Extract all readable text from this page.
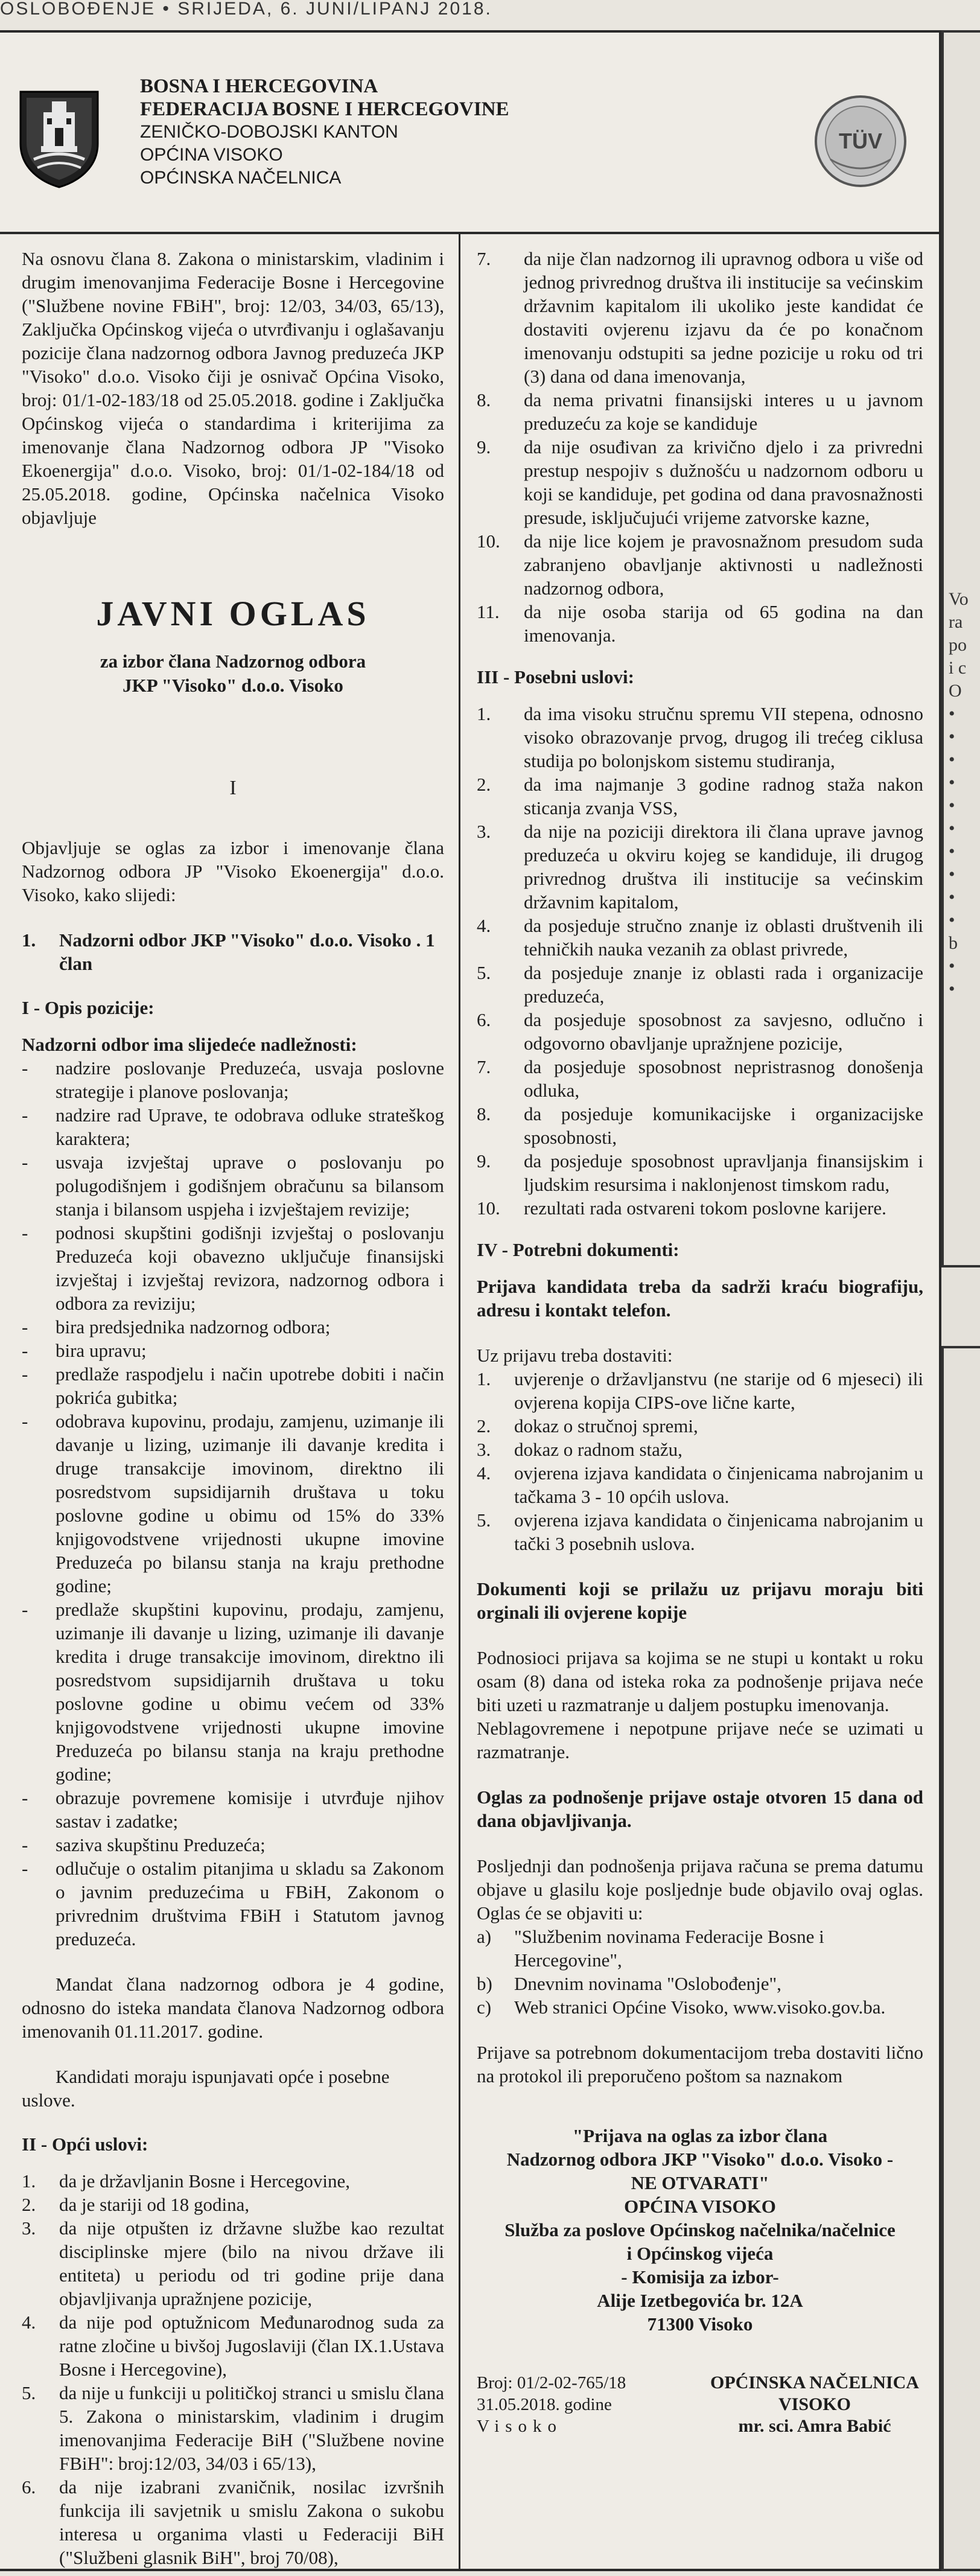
OSLOBOĐENJE • SRIJEDA, 6. JUNI/LIPANJ 2018.
BOSNA I HERCEGOVINA
FEDERACIJA BOSNE I HERCEGOVINE
ZENIČKO-DOBOJSKI KANTON
OPĆINA VISOKO
OPĆINSKA NAČELNICA
TÜV

Na osnovu člana 8. Zakona o ministarskim, vladinim i drugim imenovanjima Federacije Bosne i Hercegovine ("Službene novine FBiH", broj: 12/03, 34/03, 65/13), Zaključka Općinskog vijeća o utvrđivanju i oglašavanju pozicije člana nadzornog odbora Javnog preduzeća JKP "Visoko" d.o.o. Visoko čiji je osnivač Općina Visoko, broj: 01/1-02-183/18 od 25.05.2018. godine i Zaključka Općinskog vijeća o standardima i kriterijima za imenovanje člana Nadzornog odbora JP "Visoko Ekoenergija" d.o.o. Visoko, broj: 01/1-02-184/18 od 25.05.2018. godine, Općinska načelnica Visoko objavljuje

JAVNI OGLAS
za izbor člana Nadzornog odbora
JKP "Visoko" d.o.o. Visoko
I

Objavljuje se oglas za izbor i imenovanje člana Nadzornog odbora JP "Visoko Ekoenergija" d.o.o. Visoko, kako slijedi:

1. Nadzorni odbor JKP "Visoko" d.o.o. Visoko . 1 član
I - Opis pozicije:
Nadzorni odbor ima slijedeće nadležnosti:
- nadzire poslovanje Preduzeća, usvaja poslovne strategije i planove poslovanja;
- nadzire rad Uprave, te odobrava odluke strateškog karaktera;
- usvaja izvještaj uprave o poslovanju po polugodišnjem i godišnjem obračunu sa bilansom stanja i bilansom uspjeha i izvještajem revizije;
- podnosi skupštini godišnji izvještaj o poslovanju Preduzeća koji obavezno uključuje finansijski izvještaj i izvještaj revizora, nadzornog odbora i odbora za reviziju;
- bira predsjednika nadzornog odbora;
- bira upravu;
- predlaže raspodjelu i način upotrebe dobiti i način pokrića gubitka;
- odobrava kupovinu, prodaju, zamjenu, uzimanje ili davanje u lizing, uzimanje ili davanje kredita i druge transakcije imovinom, direktno ili posredstvom supsidijarnih društava u toku poslovne godine u obimu od 15% do 33% knjigovodstvene vrijednosti ukupne imovine Preduzeća po bilansu stanja na kraju prethodne godine;
- predlaže skupštini kupovinu, prodaju, zamjenu, uzimanje ili davanje u lizing, uzimanje ili davanje kredita i druge transakcije imovinom, direktno ili posredstvom supsidijarnih društava u toku poslovne godine u obimu većem od 33% knjigovodstvene vrijednosti ukupne imovine Preduzeća po bilansu stanja na kraju prethodne godine;
- obrazuje povremene komisije i utvrđuje njihov sastav i zadatke;
- saziva skupštinu Preduzeća;
- odlučuje o ostalim pitanjima u skladu sa Zakonom o javnim preduzećima u FBiH, Zakonom o privrednim društvima FBiH i Statutom javnog preduzeća.

Mandat člana nadzornog odbora je 4 godine, odnosno do isteka mandata članova Nadzornog odbora imenovanih 01.11.2017. godine.

Kandidati moraju ispunjavati opće i posebne uslove.

II - Opći uslovi:
1. da je državljanin Bosne i Hercegovine,
2. da je stariji od 18 godina,
3. da nije otpušten iz državne službe kao rezultat disciplinske mjere (bilo na nivou države ili entiteta) u periodu od tri godine prije dana objavljivanja upražnjene pozicije,
4. da nije pod optužnicom Međunarodnog suda za ratne zločine u bivšoj Jugoslaviji (član IX.1.Ustava Bosne i Hercegovine),
5. da nije u funkciji u političkoj stranci u smislu člana 5. Zakona o ministarskim, vladinim i drugim imenovanjima Federacije BiH ("Službene novine FBiH": broj:12/03, 34/03 i 65/13),
6. da nije izabrani zvaničnik, nosilac izvršnih funkcija ili savjetnik u smislu Zakona o sukobu interesa u organima vlasti u Federaciji BiH ("Službeni glasnik BiH", broj 70/08),
7. da nije član nadzornog ili upravnog odbora u više od jednog privrednog društva ili institucije sa većinskim državnim kapitalom ili ukoliko jeste kandidat će dostaviti ovjerenu izjavu da će po konačnom imenovanju odstupiti sa jedne pozicije u roku od tri (3) dana od dana imenovanja,
8. da nema privatni finansijski interes u u javnom preduzeću za koje se kandiduje
9. da nije osuđivan za krivično djelo i za privredni prestup nespojiv s dužnošću u nadzornom odboru u koji se kandiduje, pet godina od dana pravosnažnosti presude, isključujući vrijeme zatvorske kazne,
10. da nije lice kojem je pravosnažnom presudom suda zabranjeno obavljanje aktivnosti u nadležnosti nadzornog odbora,
11. da nije osoba starija od 65 godina na dan imenovanja.
III - Posebni uslovi:
1. da ima visoku stručnu spremu VII stepena, odnosno visoko obrazovanje prvog, drugog ili trećeg ciklusa studija po bolonjskom sistemu studiranja,
2. da ima najmanje 3 godine radnog staža nakon sticanja zvanja VSS,
3. da nije na poziciji direktora ili člana uprave javnog preduzeća u okviru kojeg se kandiduje, ili drugog privrednog društva ili institucije sa većinskim državnim kapitalom,
4. da posjeduje stručno znanje iz oblasti društvenih ili tehničkih nauka vezanih za oblast privrede,
5. da posjeduje znanje iz oblasti rada i organizacije preduzeća,
6. da posjeduje sposobnost za savjesno, odlučno i odgovorno obavljanje upražnjene pozicije,
7. da posjeduje sposobnost nepristrasnog donošenja odluka,
8. da posjeduje komunikacijske i organizacijske sposobnosti,
9. da posjeduje sposobnost upravljanja finansijskim i ljudskim resursima i naklonjenost timskom radu,
10. rezultati rada ostvareni tokom poslovne karijere.
IV - Potrebni dokumenti:

Prijava kandidata treba da sadrži kraću biografiju, adresu i kontakt telefon.

Uz prijavu treba dostaviti:

1. uvjerenje o državljanstvu (ne starije od 6 mjeseci) ili ovjerena kopija CIPS-ove lične karte,
2. dokaz o stručnoj spremi,
3. dokaz o radnom stažu,
4. ovjerena izjava kandidata o činjenicama nabrojanim u tačkama 3 - 10 općih uslova.
5. ovjerena izjava kandidata o činjenicama nabrojanim u tački 3 posebnih uslova.

Dokumenti koji se prilažu uz prijavu moraju biti orginali ili ovjerene kopije

Podnosioci prijava sa kojima se ne stupi u kontakt u roku osam (8) dana od isteka roka za podnošenje prijava neće biti uzeti u razmatranje u daljem postupku imenovanja.

Neblagovremene i nepotpune prijave neće se uzimati u razmatranje.

Oglas za podnošenje prijave ostaje otvoren 15 dana od dana objavljivanja.

Posljednji dan podnošenja prijava računa se prema datumu objave u glasilu koje posljednje bude objavilo ovaj oglas. Oglas će se objaviti u:

a) "Službenim novinama Federacije Bosne i Hercegovine",
b) Dnevnim novinama "Oslobođenje",
c) Web stranici Općine Visoko, www.visoko.gov.ba.

Prijave sa potrebnom dokumentacijom treba dostaviti lično na protokol ili preporučeno poštom sa naznakom

"Prijava na oglas za izbor člana
Nadzornog odbora JKP "Visoko" d.o.o. Visoko -
NE OTVARATI"
OPĆINA VISOKO
Služba za poslove Općinskog načelnika/načelnice
i Općinskog vijeća
- Komisija za izbor-
Alije Izetbegovića br. 12A
71300 Visoko
Broj: 01/2-02-765/18
31.05.2018. godine
Visoko
OPĆINSKA NAČELNICA
VISOKO
mr. sci. Amra Babić
Vo
ra
po
i c
O
•
•
•
•
•
•
•
•
•
•
b
•
•
